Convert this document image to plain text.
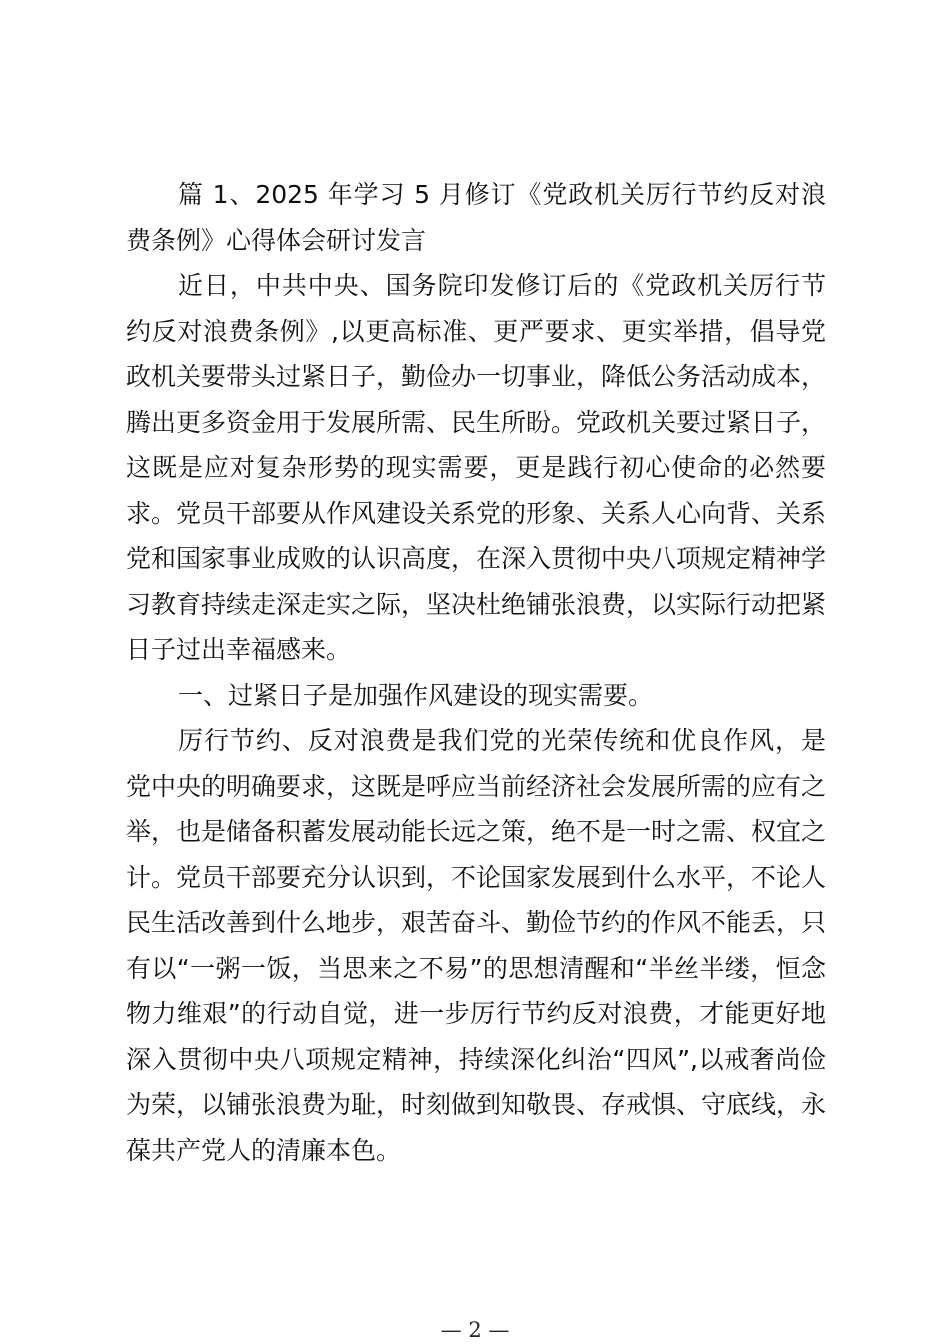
篇 1、2025 年学习 5 月修订《党政机关厉行节约反对浪费条例》心得体会研讨发言

近日，中共中央、国务院印发修订后的《党政机关厉行节约反对浪费条例》,以更高标准、更严要求、更实举措，倡导党政机关要带头过紧日子，勤俭办一切事业，降低公务活动成本，腾出更多资金用于发展所需、民生所盼。党政机关要过紧日子，这既是应对复杂形势的现实需要，更是践行初心使命的必然要求。党员干部要从作风建设关系党的形象、关系人心向背、关系党和国家事业成败的认识高度，在深入贯彻中央八项规定精神学习教育持续走深走实之际，坚决杜绝铺张浪费，以实际行动把紧日子过出幸福感来。

一、过紧日子是加强作风建设的现实需要。

厉行节约、反对浪费是我们党的光荣传统和优良作风，是党中央的明确要求，这既是呼应当前经济社会发展所需的应有之举，也是储备积蓄发展动能长远之策，绝不是一时之需、权宜之计。党员干部要充分认识到，不论国家发展到什么水平，不论人民生活改善到什么地步，艰苦奋斗、勤俭节约的作风不能丢，只有以“一粥一饭，当思来之不易”的思想清醒和“半丝半缕，恒念物力维艰”的行动自觉，进一步厉行节约反对浪费，才能更好地深入贯彻中央八项规定精神，持续深化纠治“四风”,以戒奢尚俭为荣，以铺张浪费为耻，时刻做到知敬畏、存戒惧、守底线，永葆共产党人的清廉本色。

— 2 —
